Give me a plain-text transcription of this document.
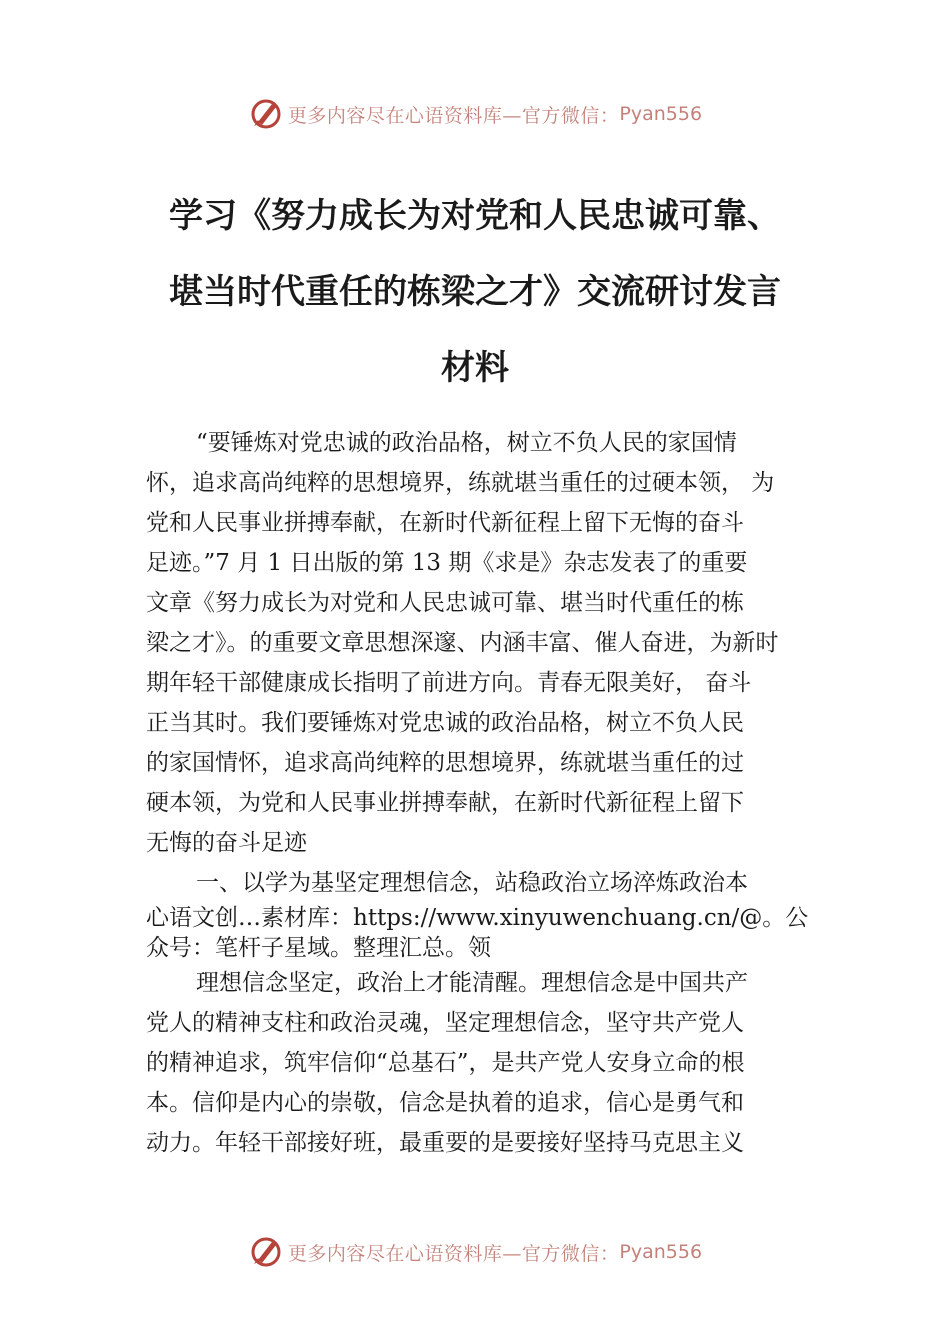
更多内容尽在心语资料库—官方微信： Pyan556
学习《努力成长为对党和人民忠诚可靠、
堪当时代重任的栋梁之才》交流研讨发言
材料
“要锤炼对党忠诚的政治品格，树立不负人民的家国情
怀，追求高尚纯粹的思想境界，练就堪当重任的过硬本领， 为
党和人民事业拼搏奉献，在新时代新征程上留下无悔的奋斗
足迹。”7 月 1 日出版的第 13 期《求是》杂志发表了的重要
文章《努力成长为对党和人民忠诚可靠、堪当时代重任的栋
梁之才》。的重要文章思想深邃、内涵丰富、催人奋进，为新时
期年轻干部健康成长指明了前进方向。青春无限美好， 奋斗
正当其时。我们要锤炼对党忠诚的政治品格，树立不负人民
的家国情怀，追求高尚纯粹的思想境界，练就堪当重任的过
硬本领，为党和人民事业拼搏奉献，在新时代新征程上留下
无悔的奋斗足迹
一、以学为基坚定理想信念，站稳政治立场淬炼政治本
心语文创…素材库：https://www.xinyuwenchuang.cn/@。公
众号：笔杆子星域。整理汇总。领
理想信念坚定，政治上才能清醒。理想信念是中国共产
党人的精神支柱和政治灵魂，坚定理想信念，坚守共产党人
的精神追求，筑牢信仰“总基石”，是共产党人安身立命的根
本。信仰是内心的崇敬，信念是执着的追求，信心是勇气和
动力。年轻干部接好班，最重要的是要接好坚持马克思主义
更多内容尽在心语资料库—官方微信： Pyan556
